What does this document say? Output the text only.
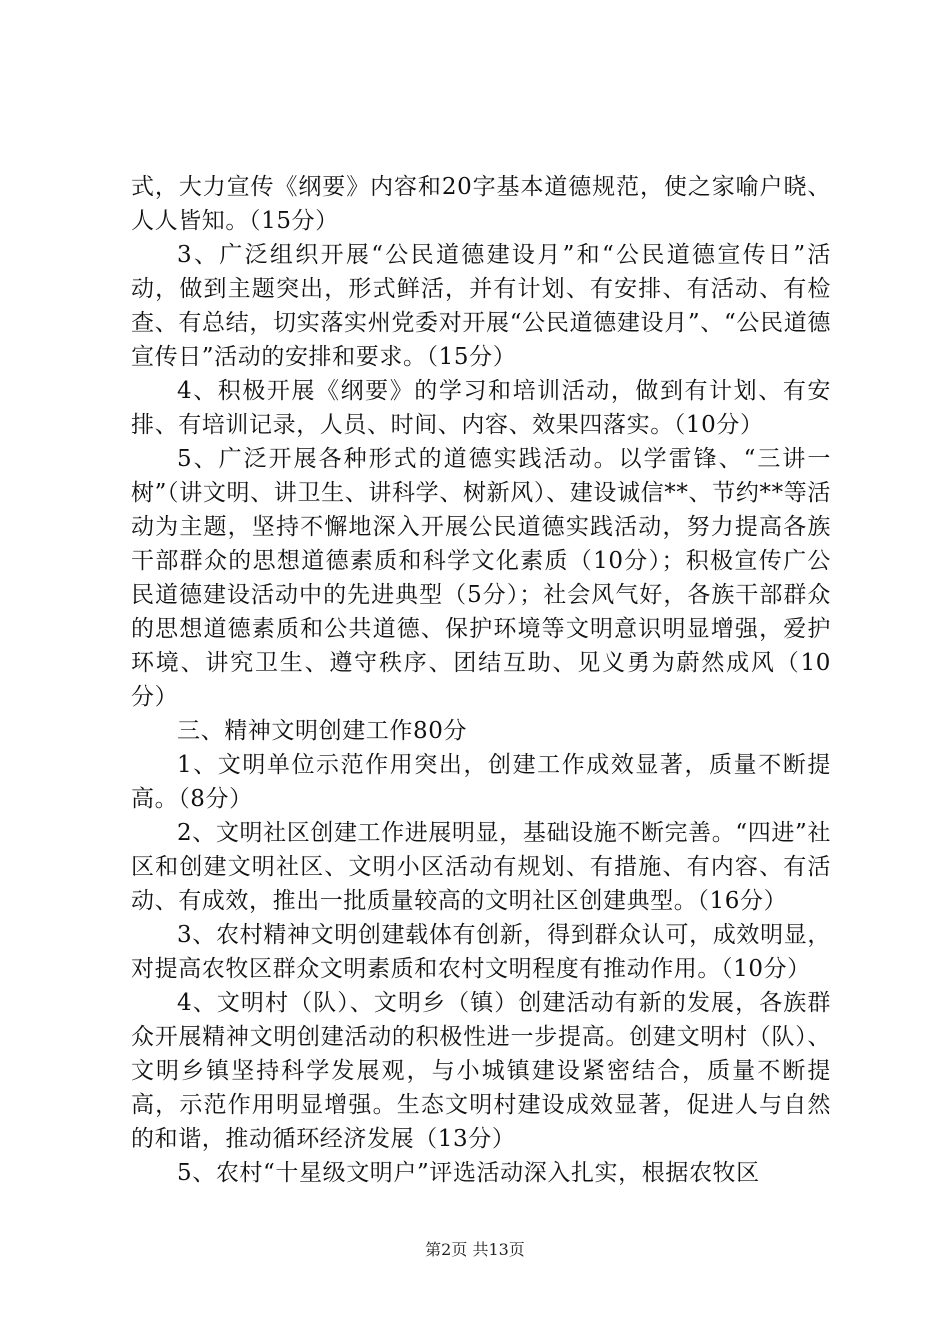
式，大力宣传《纲要》内容和20字基本道德规范，使之家喻户晓、人人皆知。（15分）

3、广泛组织开展“公民道德建设月”和“公民道德宣传日”活动，做到主题突出，形式鲜活，并有计划、有安排、有活动、有检查、有总结，切实落实州党委对开展“公民道德建设月”、“公民道德宣传日”活动的安排和要求。（15分）

4、积极开展《纲要》的学习和培训活动，做到有计划、有安排、有培训记录，人员、时间、内容、效果四落实。（10分）

5、广泛开展各种形式的道德实践活动。以学雷锋、“三讲一树”（讲文明、讲卫生、讲科学、树新风）、建设诚信**、节约**等活动为主题，坚持不懈地深入开展公民道德实践活动，努力提高各族干部群众的思想道德素质和科学文化素质（10分）；积极宣传广公民道德建设活动中的先进典型（5分）；社会风气好，各族干部群众的思想道德素质和公共道德、保护环境等文明意识明显增强，爱护环境、讲究卫生、遵守秩序、团结互助、见义勇为蔚然成风（10分）

三、精神文明创建工作80分

1、文明单位示范作用突出，创建工作成效显著，质量不断提高。（8分）

2、文明社区创建工作进展明显，基础设施不断完善。“四进”社区和创建文明社区、文明小区活动有规划、有措施、有内容、有活动、有成效，推出一批质量较高的文明社区创建典型。（16分）

3、农村精神文明创建载体有创新，得到群众认可，成效明显，对提高农牧区群众文明素质和农村文明程度有推动作用。（10分）

4、文明村（队）、文明乡（镇）创建活动有新的发展，各族群众开展精神文明创建活动的积极性进一步提高。创建文明村（队）、文明乡镇坚持科学发展观，与小城镇建设紧密结合，质量不断提高，示范作用明显增强。生态文明村建设成效显著，促进人与自然的和谐，推动循环经济发展（13分）

5、农村“十星级文明户”评选活动深入扎实，根据农牧区

第2页 共13页
